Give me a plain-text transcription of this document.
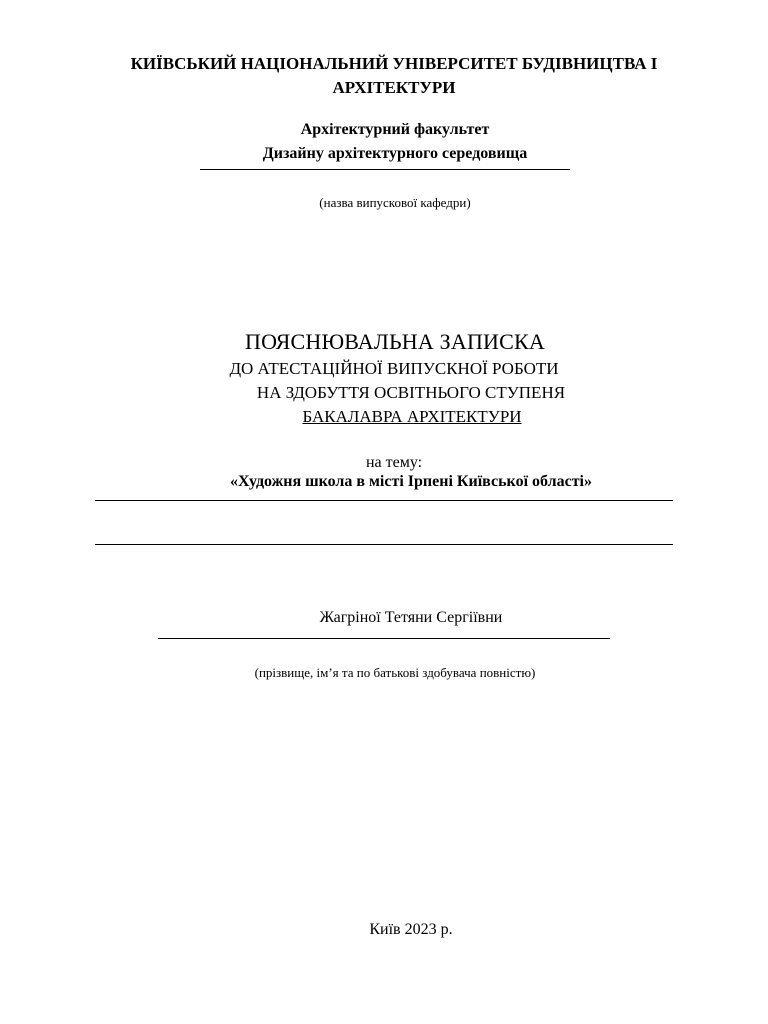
КИЇВСЬКИЙ НАЦІОНАЛЬНИЙ УНІВЕРСИТЕТ БУДІВНИЦТВА І
АРХІТЕКТУРИ
Архітектурний факультет
Дизайну архітектурного середовища
(назва випускової кафедри)
ПОЯСНЮВАЛЬНА ЗАПИСКА
ДО АТЕСТАЦІЙНОЇ ВИПУСКНОЇ РОБОТИ
НА ЗДОБУТТЯ ОСВІТНЬОГО СТУПЕНЯ
БАКАЛАВРА АРХІТЕКТУРИ
на тему:
«Художня школа в місті Ірпені Київської області»
Жагріної Тетяни Сергіївни
(прізвище, ім’я та по батькові здобувача повністю)
Київ 2023 р.
